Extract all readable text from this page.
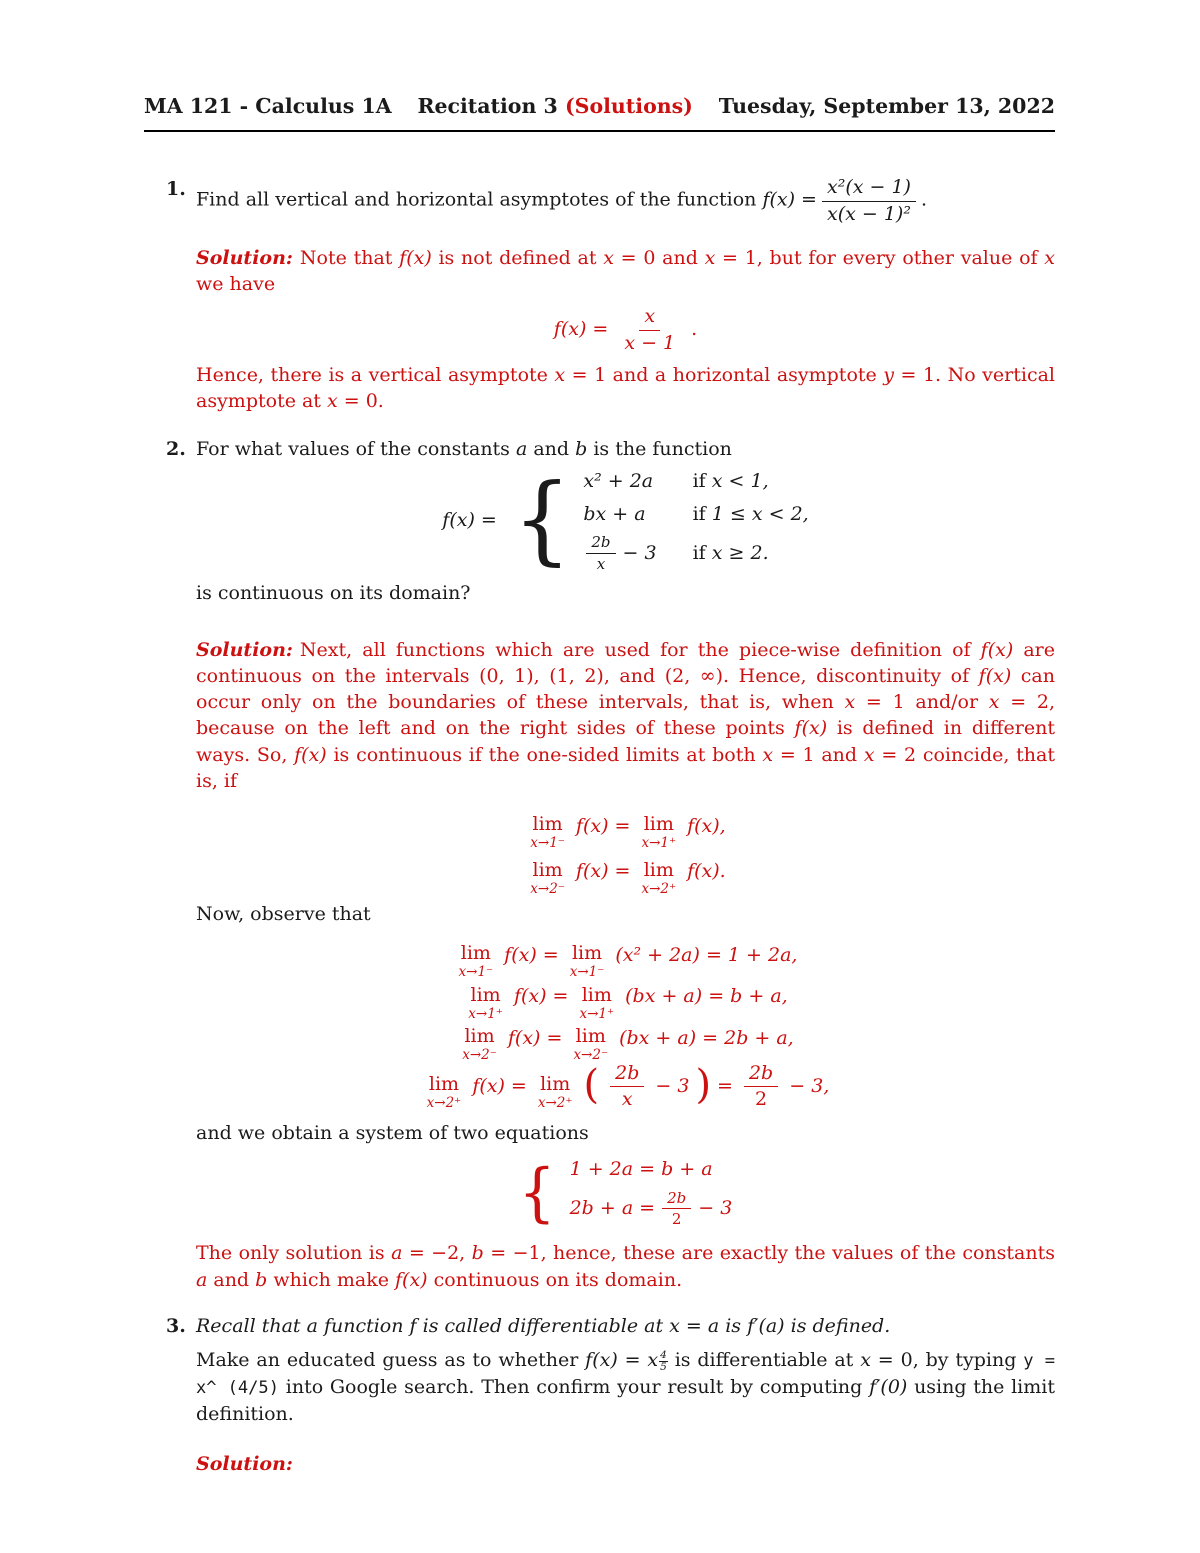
MA 121 - Calculus 1A Recitation 3 (Solutions) Tuesday, September 13, 2022
1. Find all vertical and horizontal asymptotes of the function $f(x) = \frac{\text{x²(x − 1)}}{\text{x(x − 1)²}}$ .

Solution: Note that f(x) is not defined at x = 0 and x = 1, but for every other value of x we have

$f(x) = \frac{x}{x - 1}$ .

Hence, there is a vertical asymptote x = 1 and a horizontal asymptote y = 1. No vertical asymptote at x = 0.

2. For what values of the constants a and b is the function

f(x) = { x² + 2a if x < 1,
bx + a if 1 ≤ x < 2,
$\frac{2b}{x} - 3$ if x ≥ 2.

is continuous on its domain?

Solution: Next, all functions which are used for the piece-wise definition of f(x) are continuous on the intervals (0, 1), (1, 2), and (2, ∞). Hence, discontinuity of f(x) can occur only on the boundaries of these intervals, that is, when x = 1 and/or x = 2, because on the left and on the right sides of these points f(x) is defined in different ways. So, f(x) is continuous if the one-sided limits at both x = 1 and x = 2 coincide, that is, if

lim
x→1⁻
f(x) = lim
x→1⁺
f(x),
lim
x→2⁻
f(x) = lim
x→2⁺
f(x).

Now, observe that

lim
x→1⁻
f(x) = lim
x→1⁻
(x² + 2a) = 1 + 2a,
lim
x→1⁺
f(x) = lim
x→1⁺
(bx + a) = b + a,
lim
x→2⁻
f(x) = lim
x→2⁻
(bx + a) = 2b + a,
lim
x→2⁺
f(x) = lim
x→2⁺ ( $\frac{2b}{x} - 3$ ) = $\frac{2b}{2} - 3$,

and we obtain a system of two equations

{ 1 + 2a = b + a
$2b + a = \frac{2b}{2} - 3$

The only solution is a = −2, b = −1, hence, these are exactly the values of the constants a and b which make f(x) continuous on its domain.

3. Recall that a function f is called differentiable at x = a is f′(a) is defined.

Make an educated guess as to whether f(x) = x $\frac{4}{5}$ is differentiable at x = 0, by typing y = x^ (4/5) into Google search. Then confirm your result by computing f′(0) using the limit definition.

Solution:
